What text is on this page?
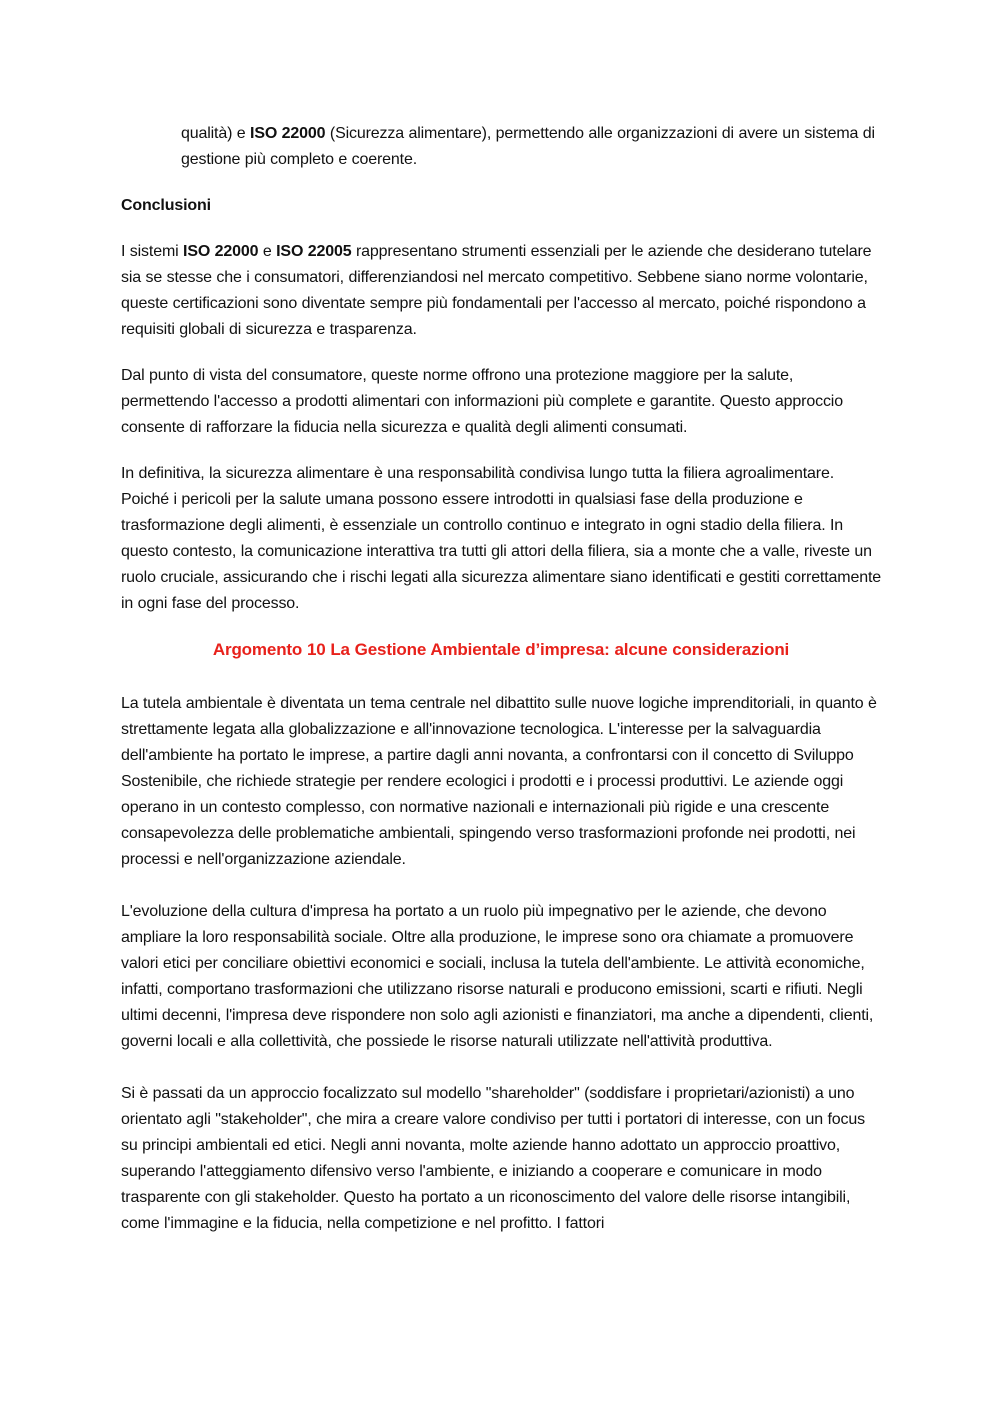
qualità) e ISO 22000 (Sicurezza alimentare), permettendo alle organizzazioni di avere un sistema di gestione più completo e coerente.

Conclusioni

I sistemi ISO 22000 e ISO 22005 rappresentano strumenti essenziali per le aziende che desiderano tutelare sia se stesse che i consumatori, differenziandosi nel mercato competitivo. Sebbene siano norme volontarie, queste certificazioni sono diventate sempre più fondamentali per l'accesso al mercato, poiché rispondono a requisiti globali di sicurezza e trasparenza.

Dal punto di vista del consumatore, queste norme offrono una protezione maggiore per la salute, permettendo l'accesso a prodotti alimentari con informazioni più complete e garantite. Questo approccio consente di rafforzare la fiducia nella sicurezza e qualità degli alimenti consumati.

In definitiva, la sicurezza alimentare è una responsabilità condivisa lungo tutta la filiera agroalimentare. Poiché i pericoli per la salute umana possono essere introdotti in qualsiasi fase della produzione e trasformazione degli alimenti, è essenziale un controllo continuo e integrato in ogni stadio della filiera. In questo contesto, la comunicazione interattiva tra tutti gli attori della filiera, sia a monte che a valle, riveste un ruolo cruciale, assicurando che i rischi legati alla sicurezza alimentare siano identificati e gestiti correttamente in ogni fase del processo.

Argomento 10 La Gestione Ambientale d’impresa: alcune considerazioni

La tutela ambientale è diventata un tema centrale nel dibattito sulle nuove logiche imprenditoriali, in quanto è strettamente legata alla globalizzazione e all'innovazione tecnologica. L'interesse per la salvaguardia dell'ambiente ha portato le imprese, a partire dagli anni novanta, a confrontarsi con il concetto di Sviluppo Sostenibile, che richiede strategie per rendere ecologici i prodotti e i processi produttivi. Le aziende oggi operano in un contesto complesso, con normative nazionali e internazionali più rigide e una crescente consapevolezza delle problematiche ambientali, spingendo verso trasformazioni profonde nei prodotti, nei processi e nell'organizzazione aziendale.

L'evoluzione della cultura d'impresa ha portato a un ruolo più impegnativo per le aziende, che devono ampliare la loro responsabilità sociale. Oltre alla produzione, le imprese sono ora chiamate a promuovere valori etici per conciliare obiettivi economici e sociali, inclusa la tutela dell'ambiente. Le attività economiche, infatti, comportano trasformazioni che utilizzano risorse naturali e producono emissioni, scarti e rifiuti. Negli ultimi decenni, l'impresa deve rispondere non solo agli azionisti e finanziatori, ma anche a dipendenti, clienti, governi locali e alla collettività, che possiede le risorse naturali utilizzate nell'attività produttiva.

Si è passati da un approccio focalizzato sul modello "shareholder" (soddisfare i proprietari/azionisti) a uno orientato agli "stakeholder", che mira a creare valore condiviso per tutti i portatori di interesse, con un focus su principi ambientali ed etici. Negli anni novanta, molte aziende hanno adottato un approccio proattivo, superando l'atteggiamento difensivo verso l'ambiente, e iniziando a cooperare e comunicare in modo trasparente con gli stakeholder. Questo ha portato a un riconoscimento del valore delle risorse intangibili, come l'immagine e la fiducia, nella competizione e nel profitto. I fattori
